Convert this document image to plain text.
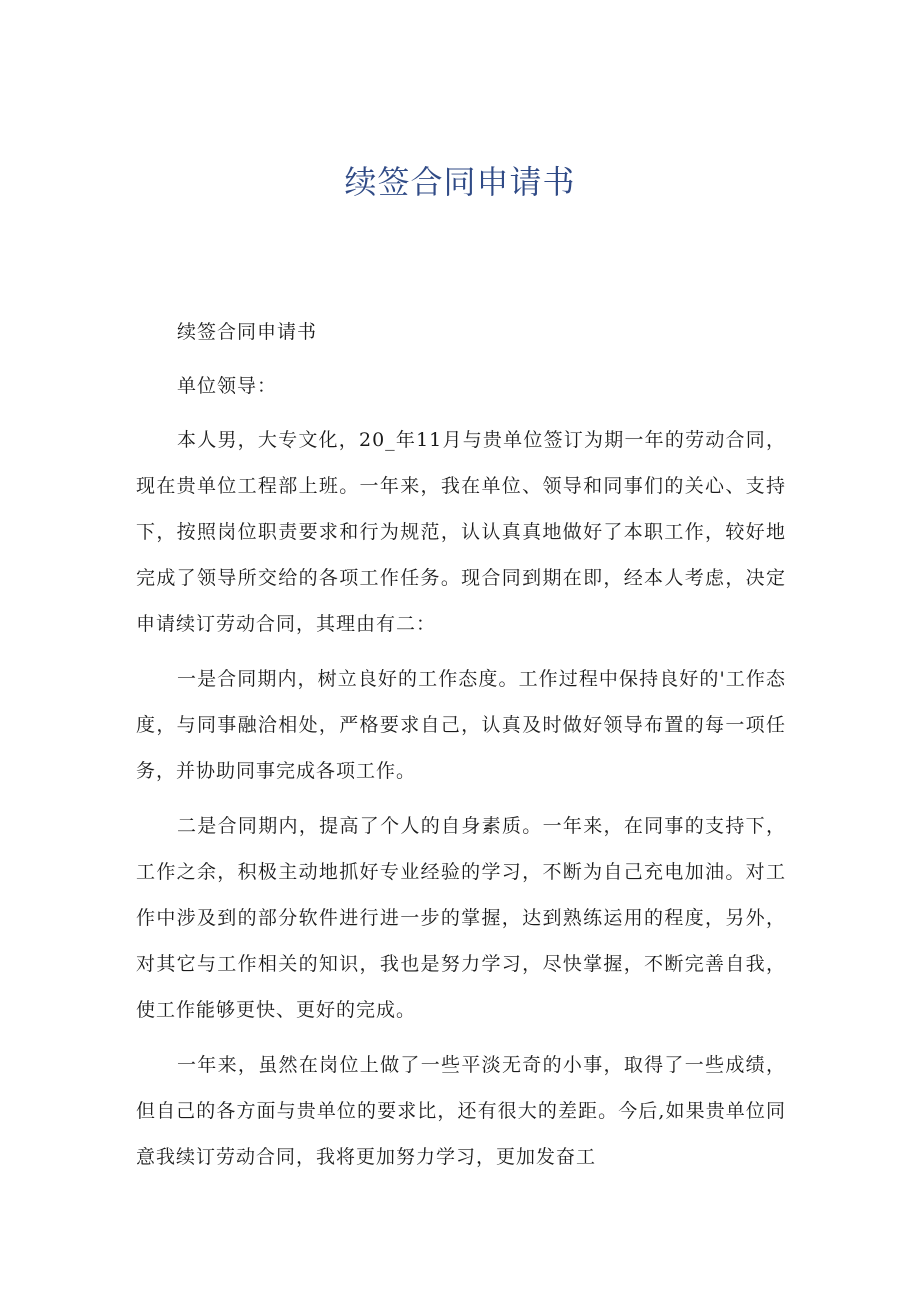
续签合同申请书

续签合同申请书

单位领导：

本人男，大专文化，20_年11月与贵单位签订为期一年的劳动合同，现在贵单位工程部上班。一年来，我在单位、领导和同事们的关心、支持下，按照岗位职责要求和行为规范，认认真真地做好了本职工作，较好地完成了领导所交给的各项工作任务。现合同到期在即，经本人考虑，决定申请续订劳动合同，其理由有二：

一是合同期内，树立良好的工作态度。工作过程中保持良好的'工作态度，与同事融洽相处，严格要求自己，认真及时做好领导布置的每一项任务，并协助同事完成各项工作。

二是合同期内，提高了个人的自身素质。一年来，在同事的支持下，工作之余，积极主动地抓好专业经验的学习，不断为自己充电加油。对工作中涉及到的部分软件进行进一步的掌握，达到熟练运用的程度，另外，对其它与工作相关的知识，我也是努力学习，尽快掌握，不断完善自我，使工作能够更快、更好的完成。

一年来，虽然在岗位上做了一些平淡无奇的小事，取得了一些成绩，但自己的各方面与贵单位的要求比，还有很大的差距。今后,如果贵单位同意我续订劳动合同，我将更加努力学习，更加发奋工
